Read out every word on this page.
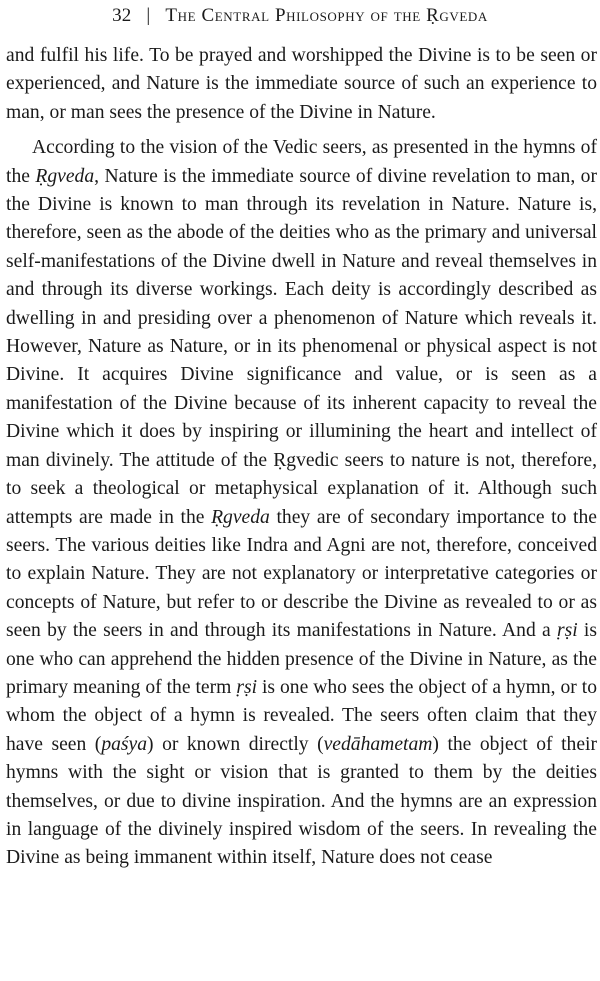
32 | The Central Philosophy of the Ṛgveda

and fulfil his life. To be prayed and worshipped the Divine is to be seen or experienced, and Nature is the immediate source of such an experience to man, or man sees the presence of the Divine in Nature.

According to the vision of the Vedic seers, as presented in the hymns of the Ṛgveda, Nature is the immediate source of divine revelation to man, or the Divine is known to man through its revelation in Nature. Nature is, therefore, seen as the abode of the deities who as the primary and universal self-manifestations of the Divine dwell in Nature and reveal themselves in and through its diverse workings. Each deity is accordingly described as dwelling in and presiding over a phenomenon of Nature which reveals it. However, Nature as Nature, or in its phenomenal or physical aspect is not Divine. It acquires Divine significance and value, or is seen as a manifestation of the Divine because of its inherent capacity to reveal the Divine which it does by inspiring or illumining the heart and intellect of man divinely. The attitude of the Ṛgvedic seers to nature is not, therefore, to seek a theological or metaphysical explanation of it. Although such attempts are made in the Ṛgveda they are of secondary importance to the seers. The various deities like Indra and Agni are not, therefore, conceived to explain Nature. They are not explanatory or interpretative categories or concepts of Nature, but refer to or describe the Divine as revealed to or as seen by the seers in and through its manifestations in Nature. And a ṛṣi is one who can apprehend the hidden presence of the Divine in Nature, as the primary meaning of the term ṛṣi is one who sees the object of a hymn, or to whom the object of a hymn is revealed. The seers often claim that they have seen (paśya) or known directly (vedāhametam) the object of their hymns with the sight or vision that is granted to them by the deities themselves, or due to divine inspiration. And the hymns are an expression in language of the divinely inspired wisdom of the seers. In revealing the Divine as being immanent within itself, Nature does not cease
